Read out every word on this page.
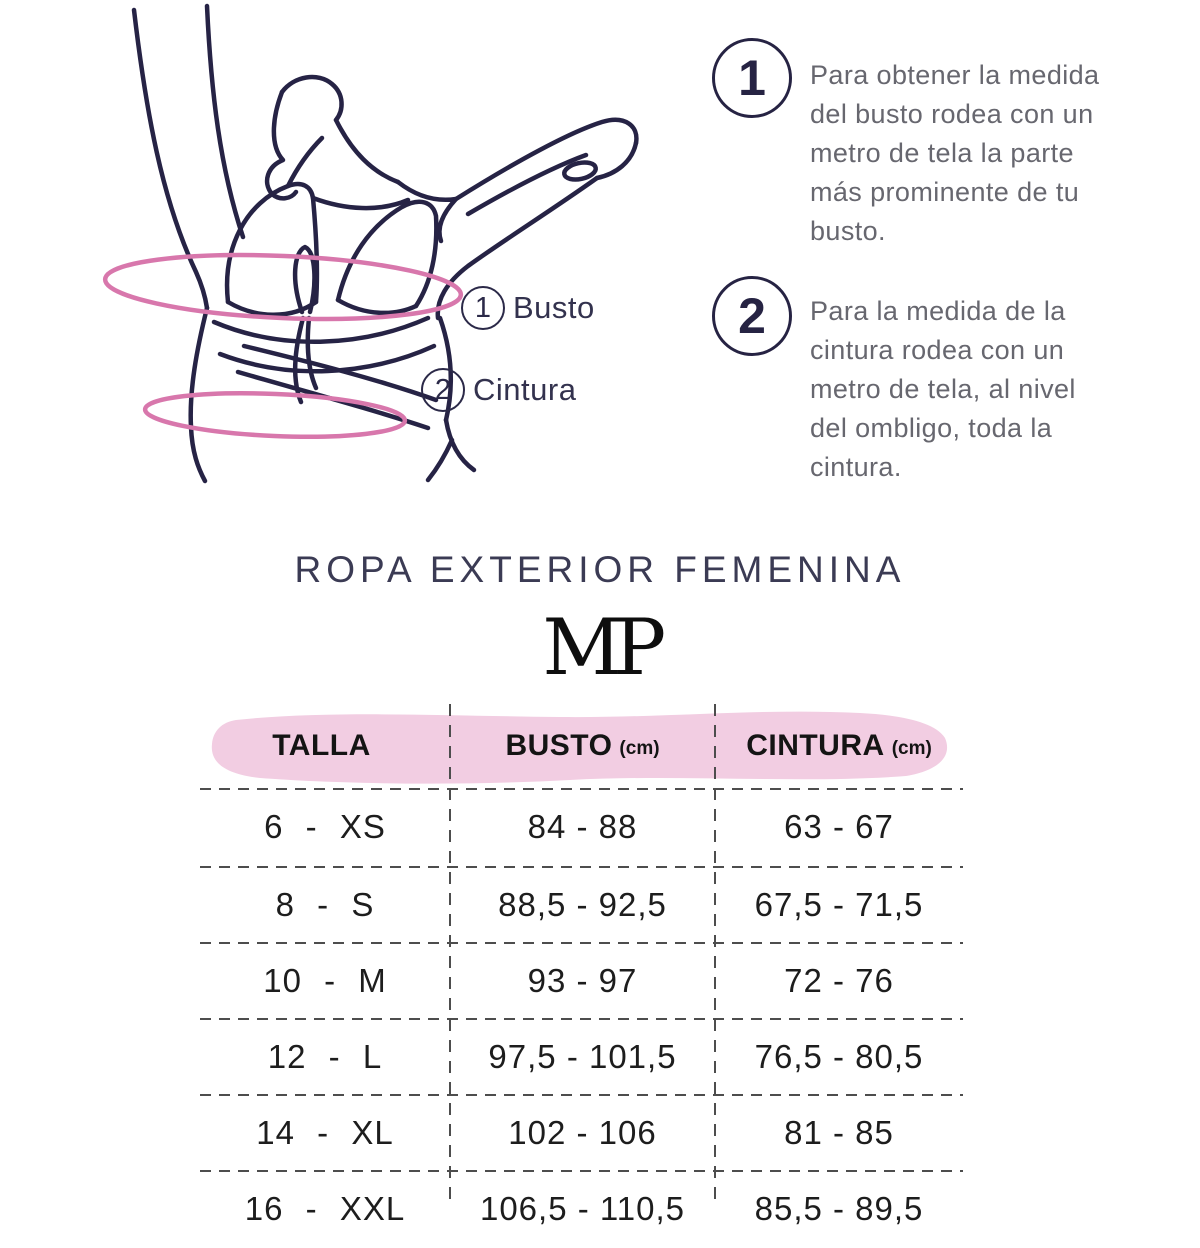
1 Busto
2 Cintura
1	Para obtener la medida del busto rodea con un metro de tela la parte más prominente de tu busto.
2	Para la medida de la cintura rodea con un metro de tela, al nivel del ombligo, toda la cintura.
ROPA EXTERIOR FEMENINA
MP
TALLA	BUSTO (cm)	CINTURA (cm)
6 - XS	84 - 88	63 - 67
8 - S	88,5 - 92,5	67,5 - 71,5
10 - M	93 - 97	72 - 76
12 - L	97,5 - 101,5	76,5 - 80,5
14 - XL	102 - 106	81 - 85
16 - XXL	106,5 - 110,5	85,5 - 89,5
